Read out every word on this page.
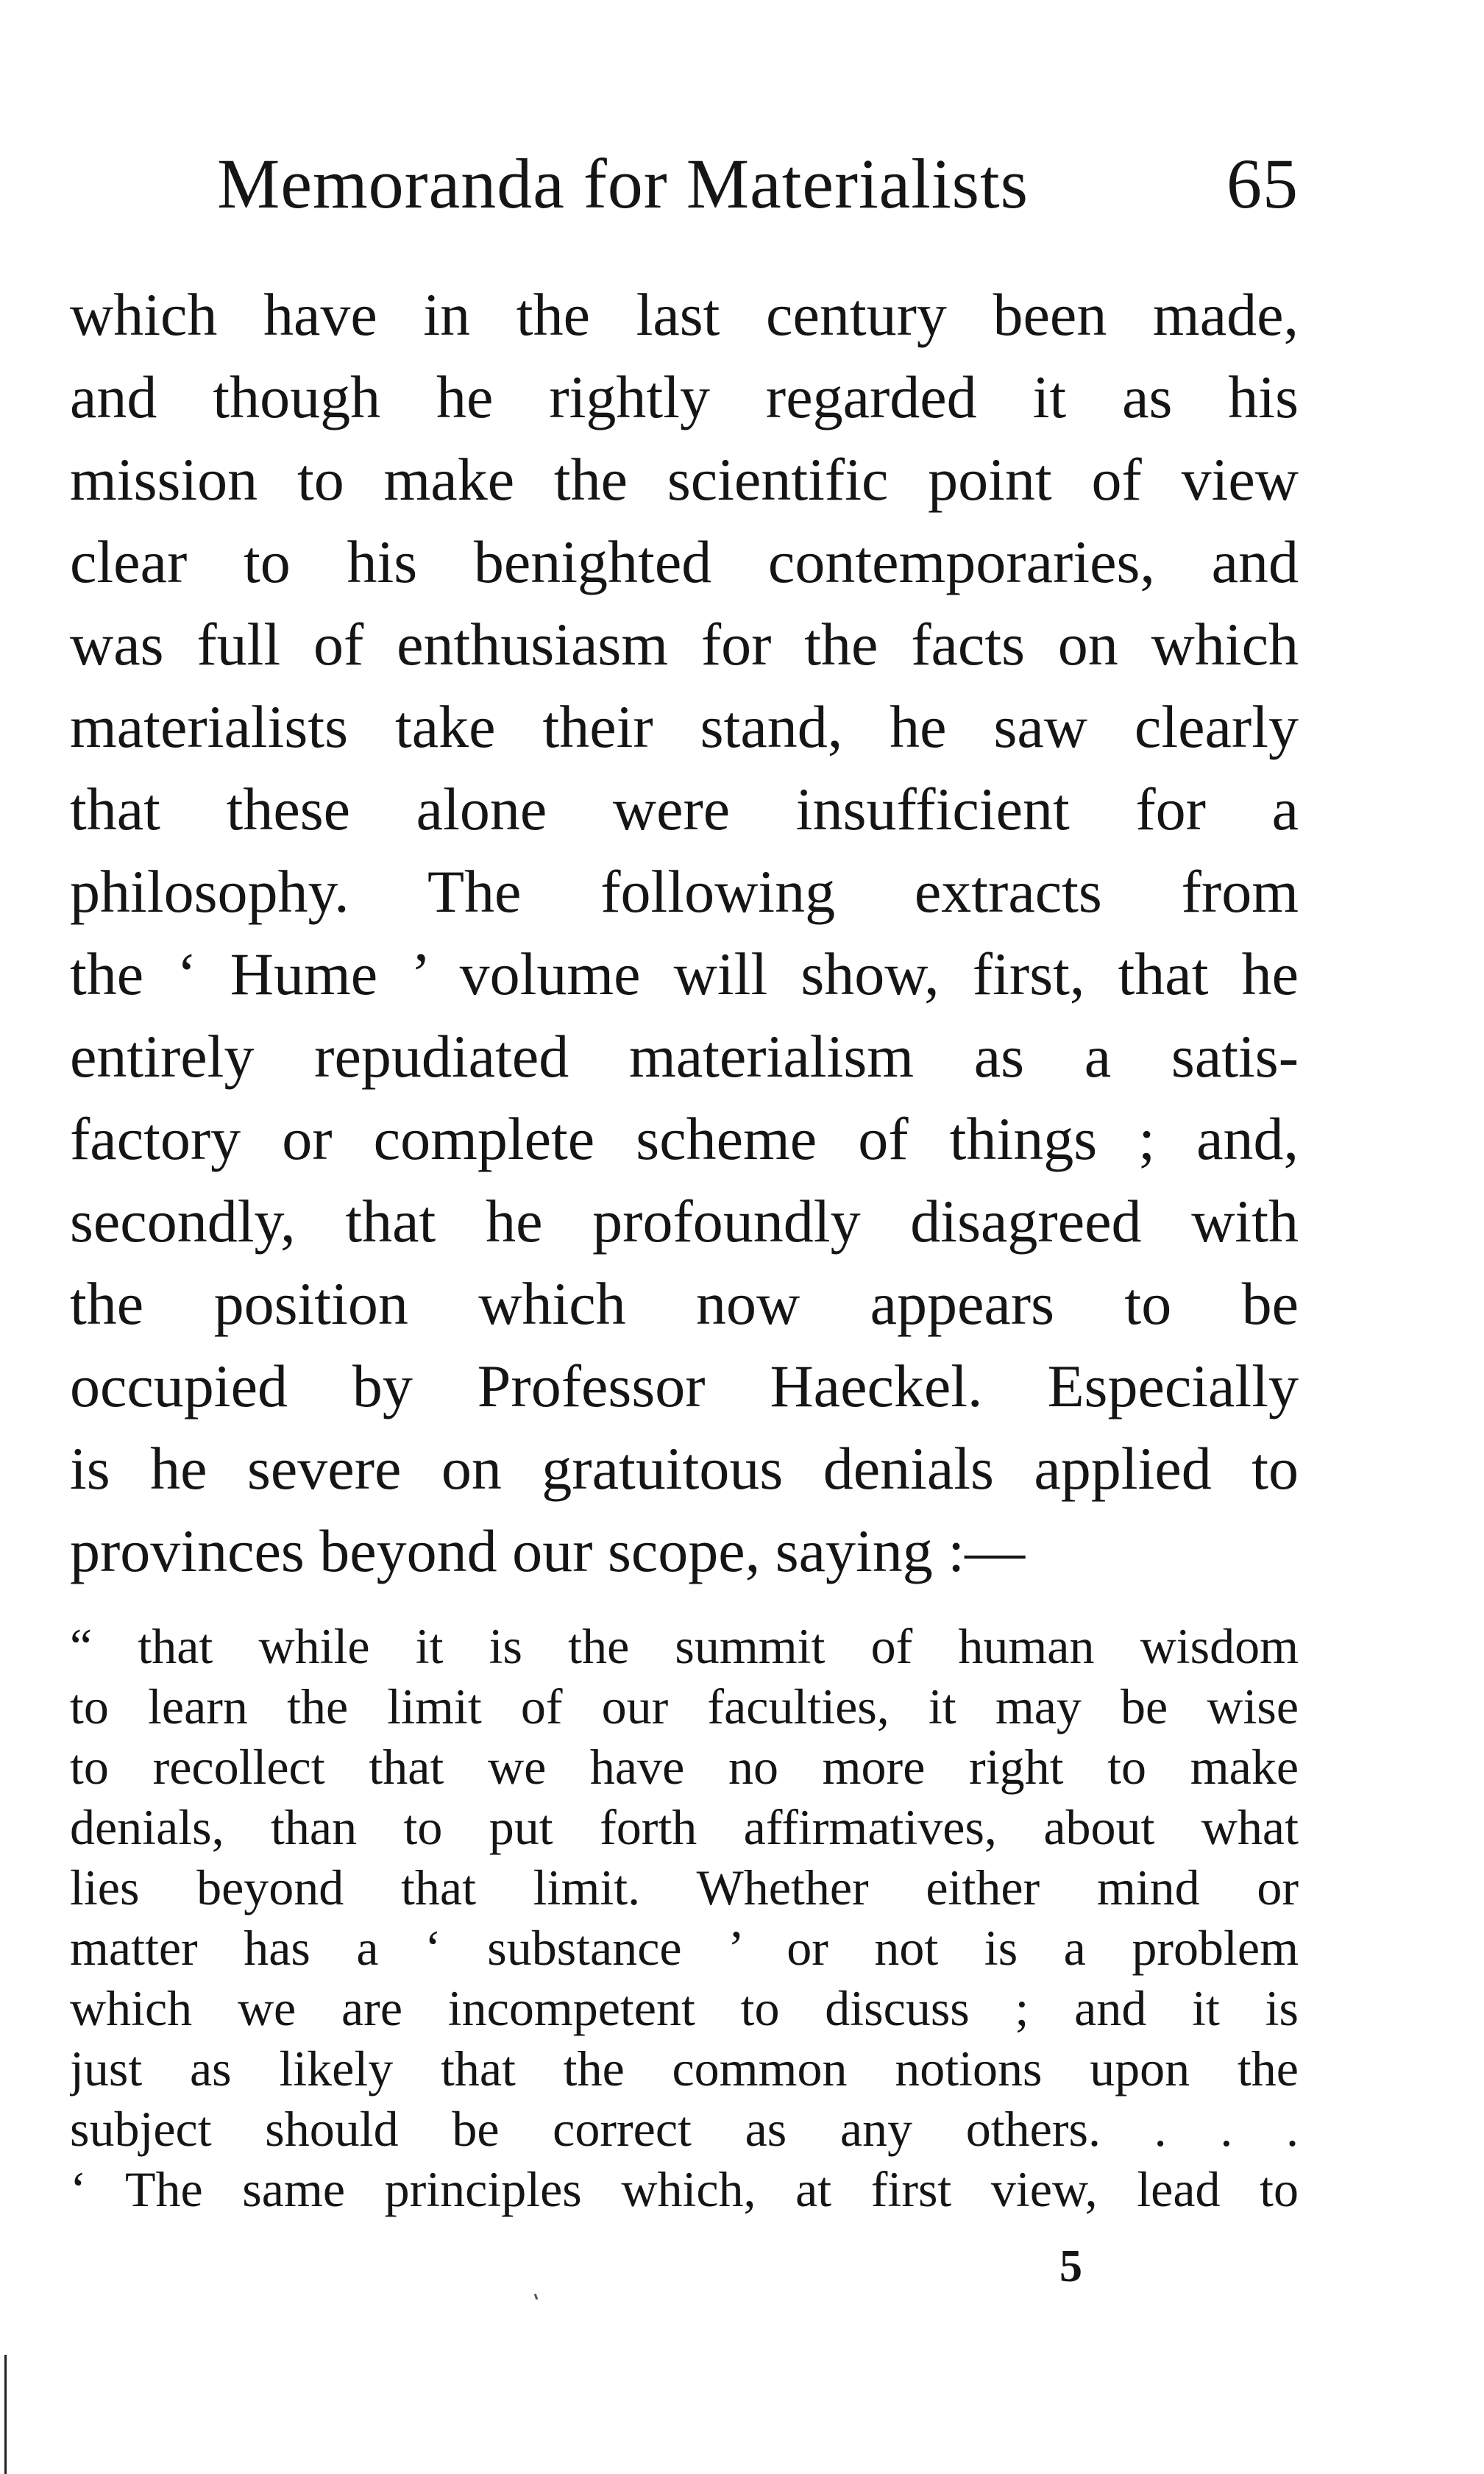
Memoranda for Materialists	65
which have in the last century been made,
and though he rightly regarded it as his
mission to make the scientific point of view
clear to his benighted contemporaries, and
was full of enthusiasm for the facts on which
materialists take their stand, he saw clearly
that these alone were insufficient for a
philosophy. The following extracts from
the ‘ Hume ’ volume will show, first, that he
entirely repudiated materialism as a satis-
factory or complete scheme of things ; and,
secondly, that he profoundly disagreed with
the position which now appears to be
occupied by Professor Haeckel. Especially
is he severe on gratuitous denials applied to
provinces beyond our scope, saying :—
“ that while it is the summit of human wisdom
to learn the limit of our faculties, it may be wise
to recollect that we have no more right to make
denials, than to put forth affirmatives, about what
lies beyond that limit. Whether either mind or
matter has a ‘ substance ’ or not is a problem
which we are incompetent to discuss ; and it is
just as likely that the common notions upon the
subject should be correct as any others. . . .
‘ The same principles which, at first view, lead to
5
